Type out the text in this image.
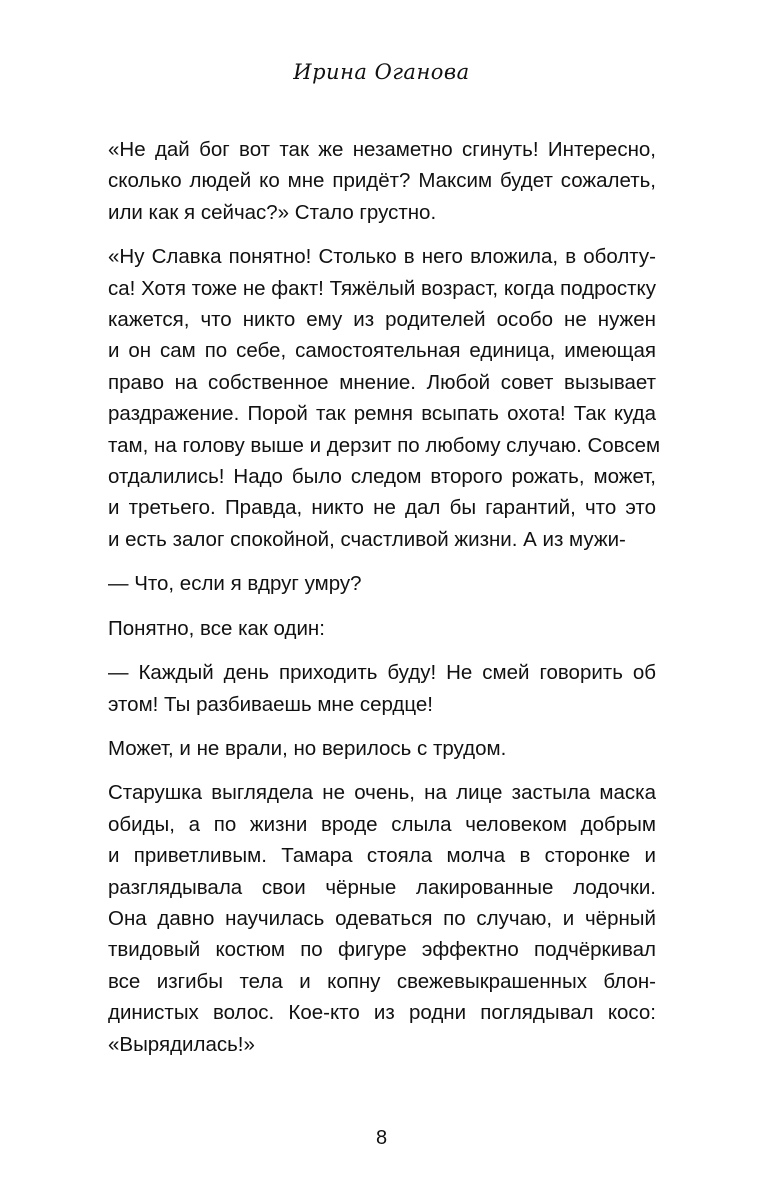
Ирина Оганова

«Не дай бог вот так же незаметно сгинуть! Интересно,
сколько людей ко мне придёт? Максим будет сожалеть,
или как я сейчас?» Стало грустно.

«Ну Славка понятно! Столько в него вложила, в оболту-
са! Хотя тоже не факт! Тяжёлый возраст, когда подростку
кажется, что никто ему из родителей особо не нужен
и он сам по себе, самостоятельная единица, имеющая
право на собственное мнение. Любой совет вызывает
раздражение. Порой так ремня всыпать охота! Так куда
там, на голову выше и дерзит по любому случаю. Совсем
отдалились! Надо было следом второго рожать, может,
и третьего. Правда, никто не дал бы гарантий, что это
и есть залог спокойной, счастливой жизни. А из мужи-

— Что, если я вдруг умру?

Понятно, все как один:

— Каждый день приходить буду! Не смей говорить об
этом! Ты разбиваешь мне сердце!

Может, и не врали, но верилось с трудом.

Старушка выглядела не очень, на лице застыла маска
обиды, а по жизни вроде слыла человеком добрым
и приветливым. Тамара стояла молча в сторонке и
разглядывала свои чёрные лакированные лодочки.
Она давно научилась одеваться по случаю, и чёрный
твидовый костюм по фигуре эффектно подчёркивал
все изгибы тела и копну свежевыкрашенных блон-
динистых волос. Кое-кто из родни поглядывал косо:
«Вырядилась!»

8
